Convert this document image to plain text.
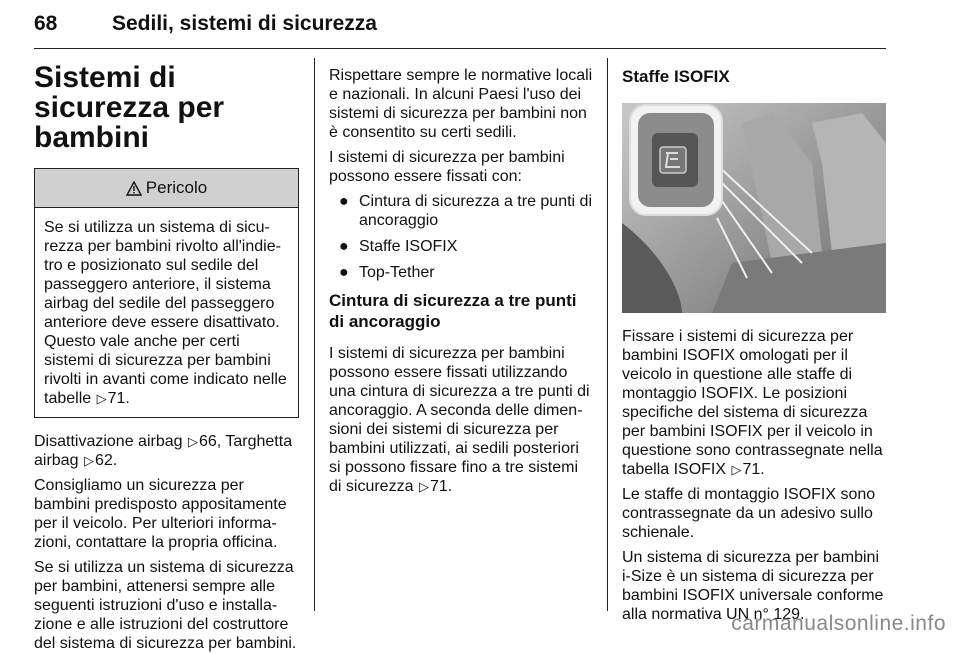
68	Sedili, sistemi di sicurezza
Sistemi di sicurezza per bambini
Pericolo
Se si utilizza un sistema di sicurezza per bambini rivolto all'indietro e posizionato sul sedile del passeggero anteriore, il sistema airbag del sedile del passeggero anteriore deve essere disattivato. Questo vale anche per certi sistemi di sicurezza per bambini rivolti in avanti come indicato nelle tabelle ▷71.

Disattivazione airbag ▷66, Targhetta airbag ▷62.

Consigliamo un sicurezza per bambini predisposto appositamente per il veicolo. Per ulteriori informazioni, contattare la propria officina.

Se si utilizza un sistema di sicurezza per bambini, attenersi sempre alle seguenti istruzioni d'uso e installazione e alle istruzioni del costruttore del sistema di sicurezza per bambini.

Rispettare sempre le normative locali e nazionali. In alcuni Paesi l'uso dei sistemi di sicurezza per bambini non è consentito su certi sedili.

I sistemi di sicurezza per bambini possono essere fissati con:

● Cintura di sicurezza a tre punti di ancoraggio
● Staffe ISOFIX
● Top-Tether
Cintura di sicurezza a tre punti di ancoraggio

I sistemi di sicurezza per bambini possono essere fissati utilizzando una cintura di sicurezza a tre punti di ancoraggio. A seconda delle dimensioni dei sistemi di sicurezza per bambini utilizzati, ai sedili posteriori si possono fissare fino a tre sistemi di sicurezza ▷71.

Staffe ISOFIX

Fissare i sistemi di sicurezza per bambini ISOFIX omologati per il veicolo in questione alle staffe di montaggio ISOFIX. Le posizioni specifiche del sistema di sicurezza per bambini ISOFIX per il veicolo in questione sono contrassegnate nella tabella ISOFIX ▷71.

Le staffe di montaggio ISOFIX sono contrassegnate da un adesivo sullo schienale.

Un sistema di sicurezza per bambini i-Size è un sistema di sicurezza per bambini ISOFIX universale conforme alla normativa UN n° 129.

carmanualsonline.info
